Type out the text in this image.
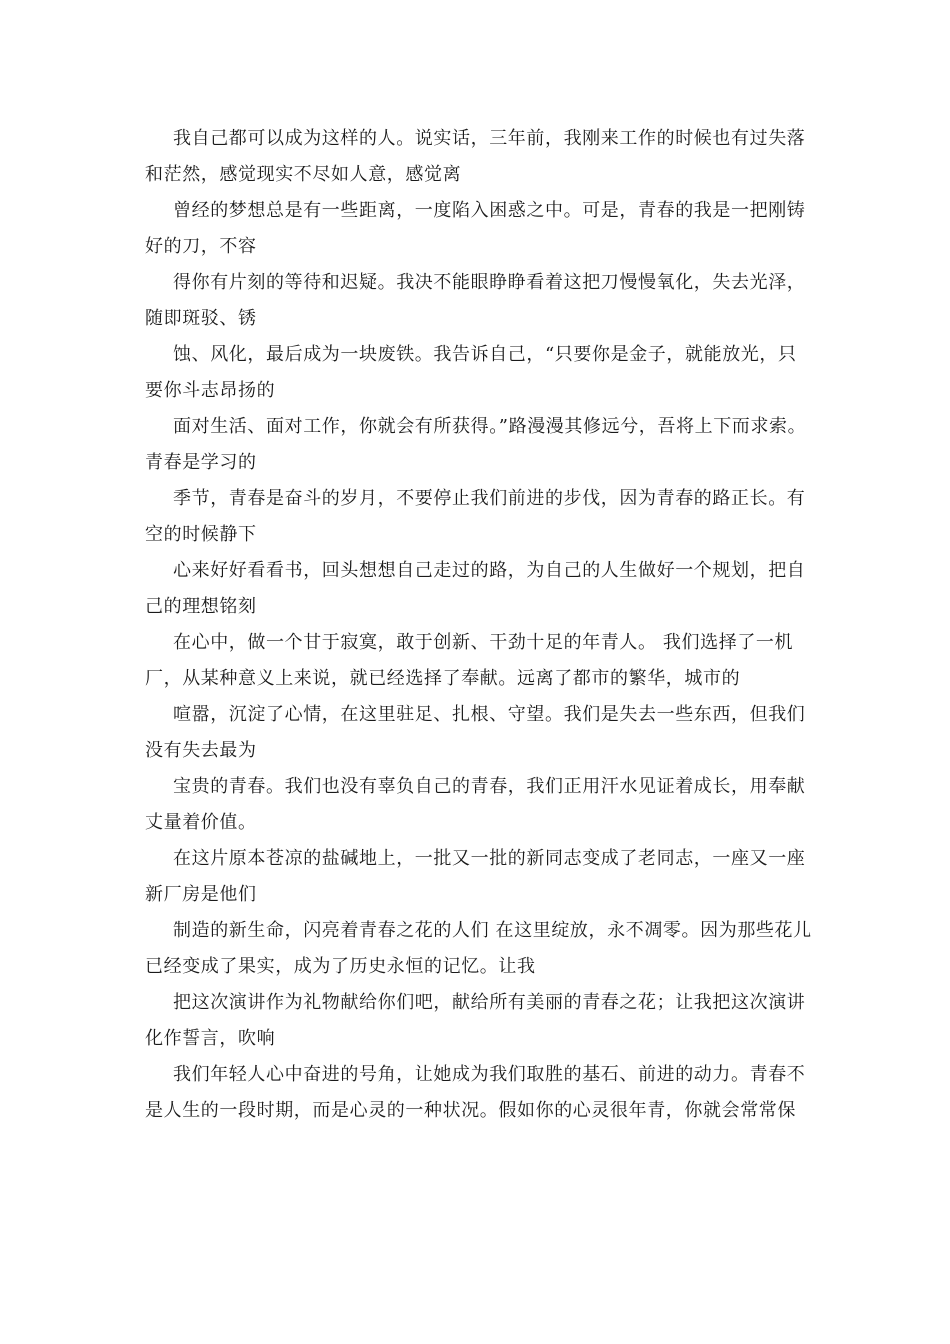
我自己都可以成为这样的人。说实话，三年前，我刚来工作的时候也有过失落和茫然，感觉现实不尽如人意，感觉离

曾经的梦想总是有一些距离，一度陷入困惑之中。可是，青春的我是一把刚铸好的刀，不容

得你有片刻的等待和迟疑。我决不能眼睁睁看着这把刀慢慢氧化，失去光泽，随即斑驳、锈

蚀、风化，最后成为一块废铁。我告诉自己，“只要你是金子，就能放光，只要你斗志昂扬的

面对生活、面对工作，你就会有所获得。”路漫漫其修远兮，吾将上下而求索。青春是学习的

季节，青春是奋斗的岁月，不要停止我们前进的步伐，因为青春的路正长。有空的时候静下

心来好好看看书，回头想想自己走过的路，为自己的人生做好一个规划，把自己的理想铭刻

在心中，做一个甘于寂寞，敢于创新、干劲十足的年青人。 我们选择了一机厂，从某种意义上来说，就已经选择了奉献。远离了都市的繁华，城市的

喧嚣，沉淀了心情，在这里驻足、扎根、守望。我们是失去一些东西，但我们没有失去最为

宝贵的青春。我们也没有辜负自己的青春，我们正用汗水见证着成长，用奉献丈量着价值。

在这片原本苍凉的盐碱地上，一批又一批的新同志变成了老同志，一座又一座新厂房是他们

制造的新生命，闪亮着青春之花的人们 在这里绽放，永不凋零。因为那些花儿已经变成了果实，成为了历史永恒的记忆。让我

把这次演讲作为礼物献给你们吧，献给所有美丽的青春之花；让我把这次演讲化作誓言，吹响

我们年轻人心中奋进的号角，让她成为我们取胜的基石、前进的动力。青春不是人生的一段时期，而是心灵的一种状况。假如你的心灵很年青，你就会常常保
